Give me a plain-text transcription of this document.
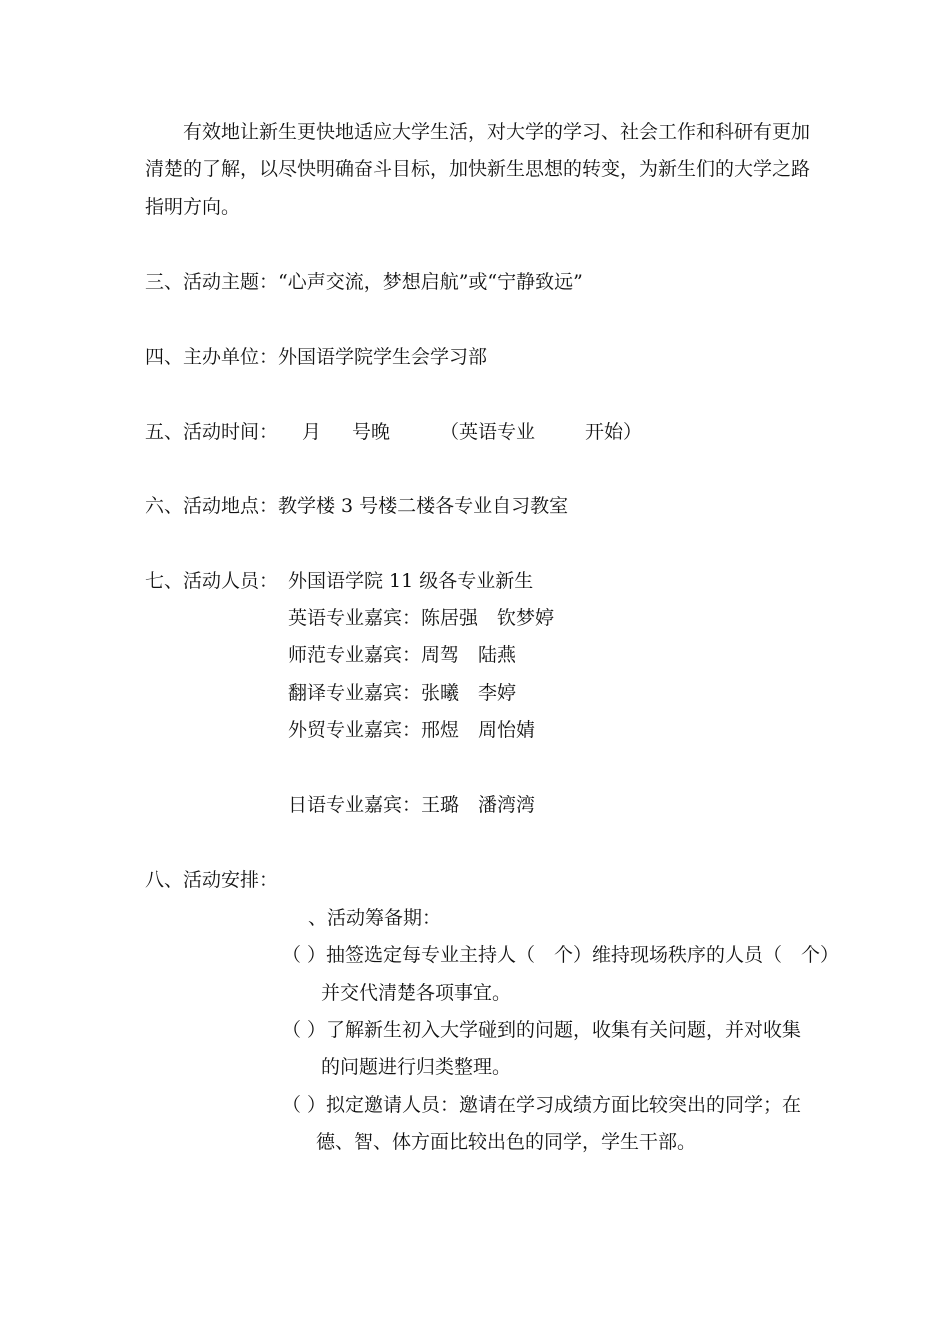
有效地让新生更快地适应大学生活，对大学的学习、社会工作和科研有更加
清楚的了解，以尽快明确奋斗目标，加快新生思想的转变，为新生们的大学之路
指明方向。
三、活动主题：“心声交流，梦想启航”或“宁静致远”
四、主办单位：外国语学院学生会学习部
五、活动时间： 月 号晚	（英语专业	开始）
六、活动地点：教学楼 3 号楼二楼各专业自习教室
七、活动人员： 外国语学院 11 级各专业新生
英语专业嘉宾：陈居强　钦梦婷
师范专业嘉宾：周驾　陆燕
翻译专业嘉宾：张曦　李婷
外贸专业嘉宾：邢煜　周怡婧
日语专业嘉宾：王璐　潘湾湾
八、活动安排：
、活动筹备期：
（ ）抽签选定每专业主持人（　个）维持现场秩序的人员（　个）
并交代清楚各项事宜。
（ ）了解新生初入大学碰到的问题，收集有关问题，并对收集
的问题进行归类整理。
（ ）拟定邀请人员：邀请在学习成绩方面比较突出的同学；在
德、智、体方面比较出色的同学，学生干部。
